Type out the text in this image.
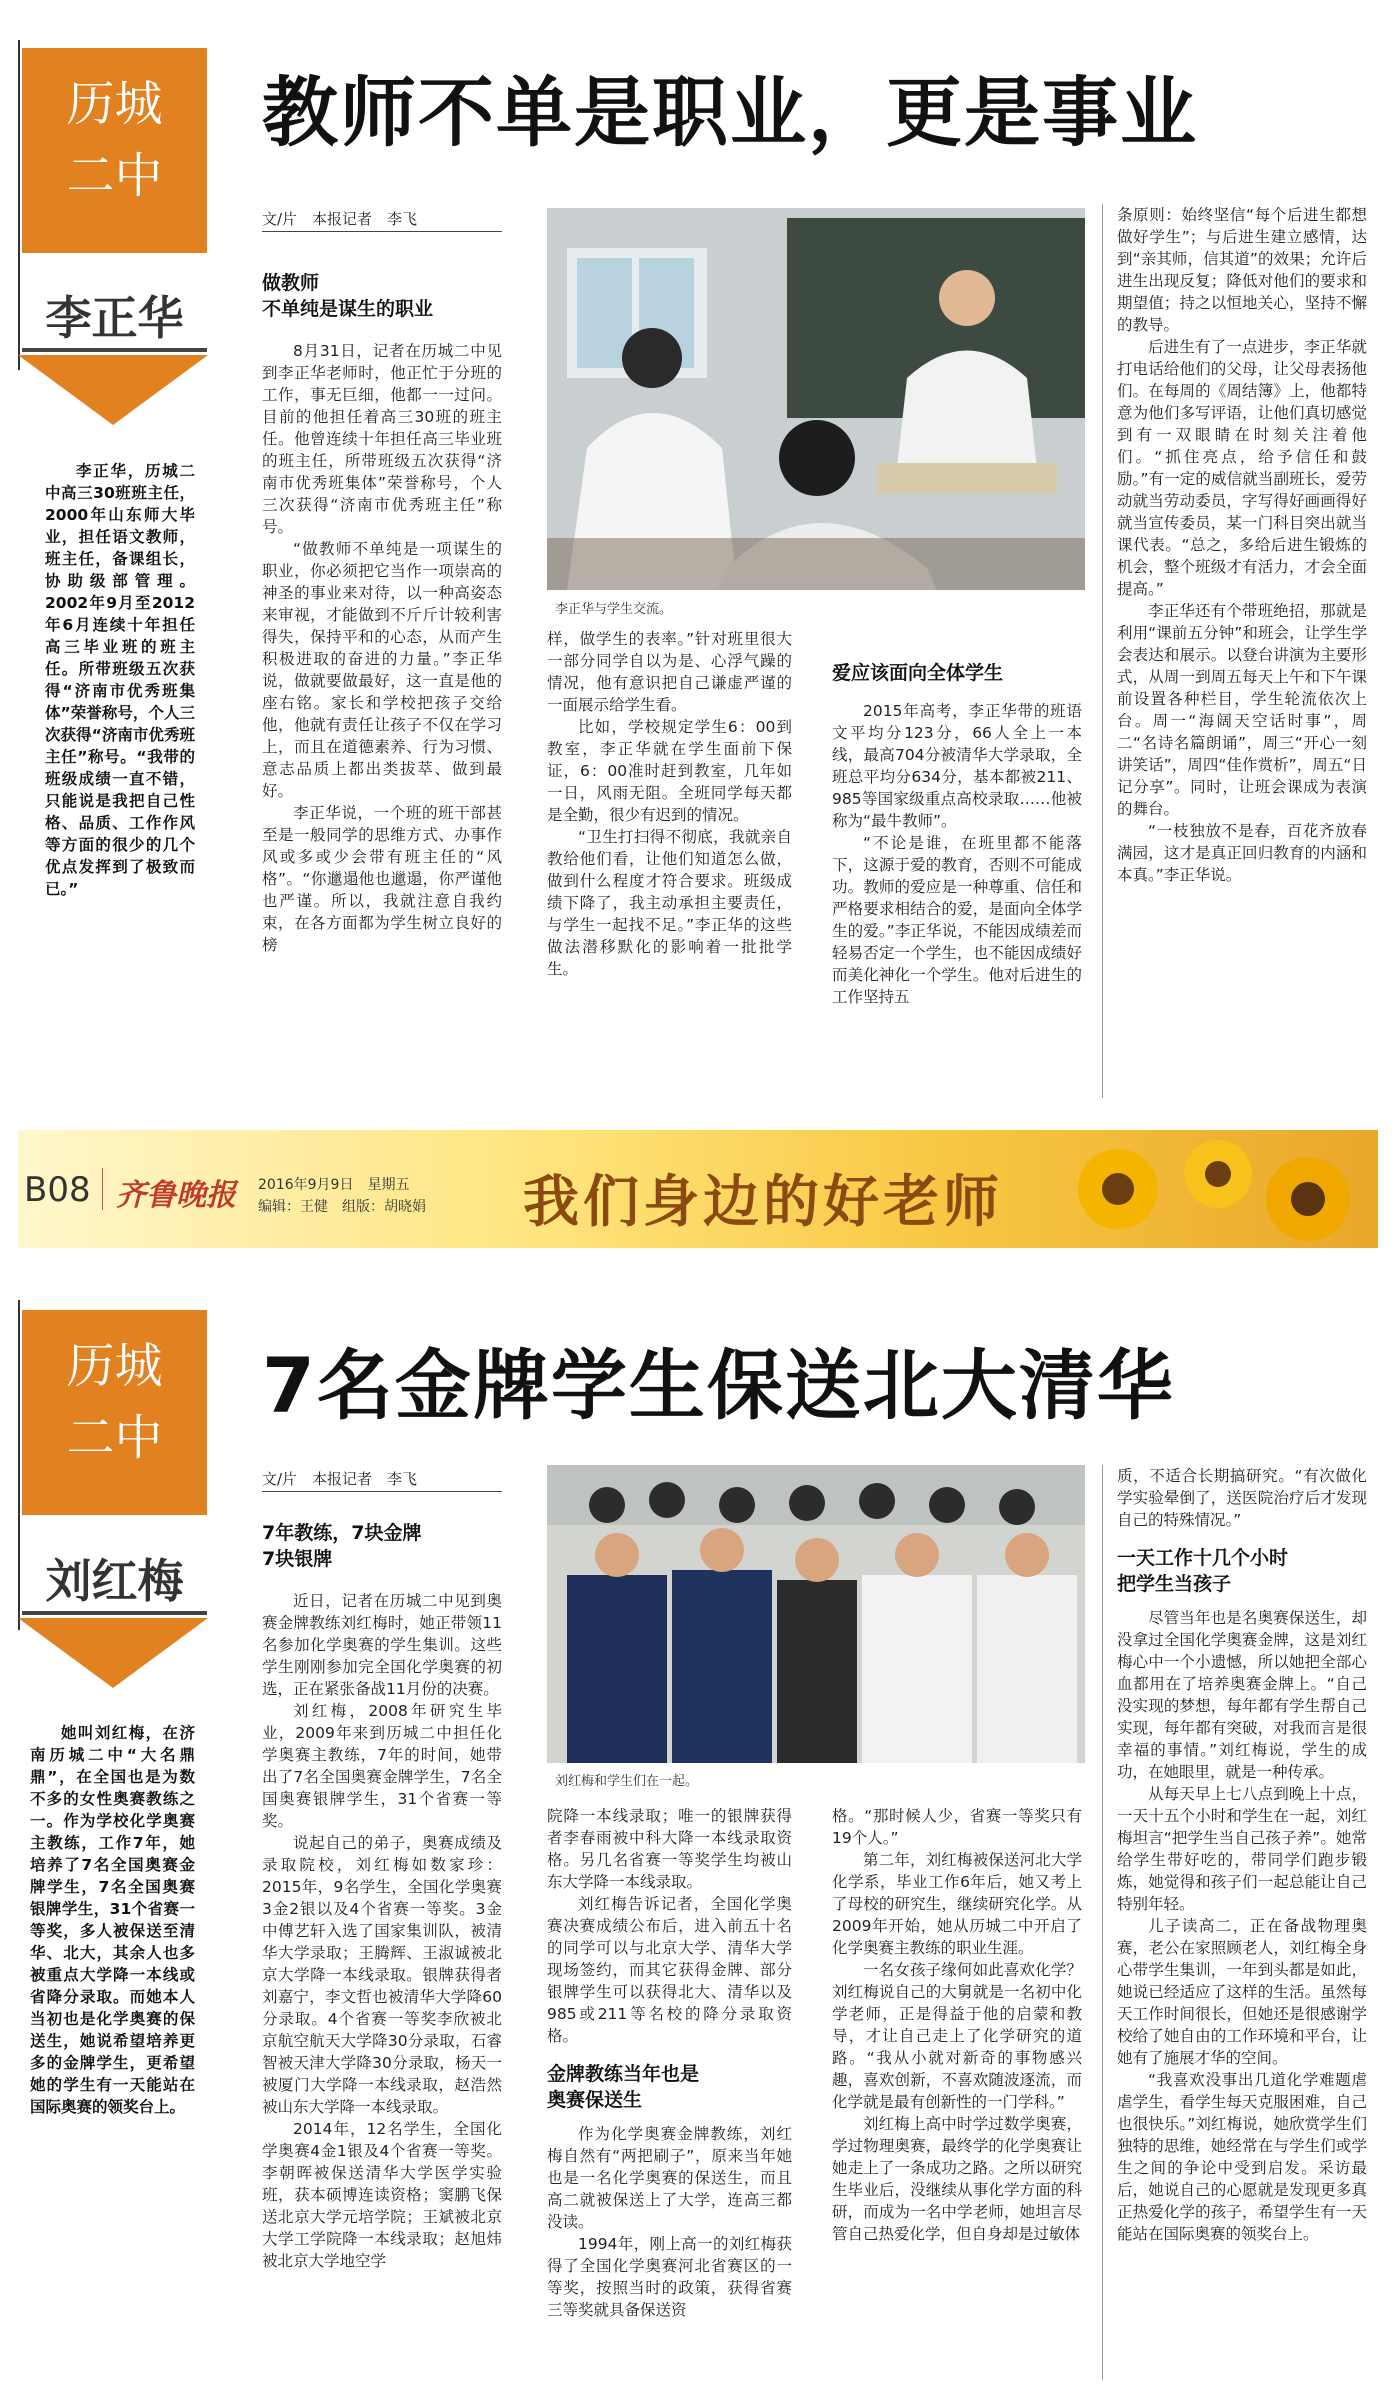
历城
二中
李正华

李正华，历城二中高三30班班主任，2000年山东师大毕业，担任语文教师，班主任，备课组长，协助级部管理。2002年9月至2012年6月连续十年担任高三毕业班的班主任。所带班级五次获得“济南市优秀班集体”荣誉称号，个人三次获得“济南市优秀班主任”称号。“我带的班级成绩一直不错，只能说是我把自己性格、品质、工作作风等方面的很少的几个优点发挥到了极致而已。”

教师不单是职业，更是事业
文/片　本报记者　李飞
做教师
不单纯是谋生的职业

8月31日，记者在历城二中见到李正华老师时，他正忙于分班的工作，事无巨细，他都一一过问。目前的他担任着高三30班的班主任。他曾连续十年担任高三毕业班的班主任，所带班级五次获得“济南市优秀班集体”荣誉称号，个人三次获得“济南市优秀班主任”称号。

“做教师不单纯是一项谋生的职业，你必须把它当作一项崇高的神圣的事业来对待，以一种高姿态来审视，才能做到不斤斤计较利害得失，保持平和的心态，从而产生积极进取的奋进的力量。”李正华说，做就要做最好，这一直是他的座右铭。家长和学校把孩子交给他，他就有责任让孩子不仅在学习上，而且在道德素养、行为习惯、意志品质上都出类拔萃、做到最好。

李正华说，一个班的班干部甚至是一般同学的思维方式、办事作风或多或少会带有班主任的“风格”。“你邋遢他也邋遢，你严谨他也严谨。所以，我就注意自我约束，在各方面都为学生树立良好的榜

李正华与学生交流。

样，做学生的表率。”针对班里很大一部分同学自以为是、心浮气躁的情况，他有意识把自己谦虚严谨的一面展示给学生看。

比如，学校规定学生6：00到教室，李正华就在学生面前下保证，6：00准时赶到教室，几年如一日，风雨无阻。全班同学每天都是全勤，很少有迟到的情况。

“卫生打扫得不彻底，我就亲自教给他们看，让他们知道怎么做，做到什么程度才符合要求。班级成绩下降了，我主动承担主要责任，与学生一起找不足。”李正华的这些做法潜移默化的影响着一批批学生。

爱应该面向全体学生

2015年高考，李正华带的班语文平均分123分，66人全上一本线，最高704分被清华大学录取，全班总平均分634分，基本都被211、985等国家级重点高校录取……他被称为“最牛教师”。

“不论是谁，在班里都不能落下，这源于爱的教育，否则不可能成功。教师的爱应是一种尊重、信任和严格要求相结合的爱，是面向全体学生的爱。”李正华说，不能因成绩差而轻易否定一个学生，也不能因成绩好而美化神化一个学生。他对后进生的工作坚持五

条原则：始终坚信“每个后进生都想做好学生”；与后进生建立感情，达到“亲其师，信其道”的效果；允许后进生出现反复；降低对他们的要求和期望值；持之以恒地关心，坚持不懈的教导。

后进生有了一点进步，李正华就打电话给他们的父母，让父母表扬他们。在每周的《周结簿》上，他都特意为他们多写评语，让他们真切感觉到有一双眼睛在时刻关注着他们。“抓住亮点，给予信任和鼓励。”有一定的威信就当副班长，爱劳动就当劳动委员，字写得好画画得好就当宣传委员，某一门科目突出就当课代表。“总之，多给后进生锻炼的机会，整个班级才有活力，才会全面提高。”

李正华还有个带班绝招，那就是利用“课前五分钟”和班会，让学生学会表达和展示。以登台讲演为主要形式，从周一到周五每天上午和下午课前设置各种栏目，学生轮流依次上台。周一“海阔天空话时事”，周二“名诗名篇朗诵”，周三“开心一刻讲笑话”，周四“佳作赏析”，周五“日记分享”。同时，让班会课成为表演的舞台。

“一枝独放不是春，百花齐放春满园，这才是真正回归教育的内涵和本真。”李正华说。

B08 齐鲁晚报 2016年9月9日　星期五
编辑：王健　组版：胡晓娟 我们身边的好老师
历城
二中
刘红梅

她叫刘红梅，在济南历城二中“大名鼎鼎”，在全国也是为数不多的女性奥赛教练之一。作为学校化学奥赛主教练，工作7年，她培养了7名全国奥赛金牌学生，7名全国奥赛银牌学生，31个省赛一等奖，多人被保送至清华、北大，其余人也多被重点大学降一本线或省降分录取。而她本人当初也是化学奥赛的保送生，她说希望培养更多的金牌学生，更希望她的学生有一天能站在国际奥赛的领奖台上。

7名金牌学生保送北大清华
文/片　本报记者　李飞
7年教练，7块金牌
7块银牌

近日，记者在历城二中见到奥赛金牌教练刘红梅时，她正带领11名参加化学奥赛的学生集训。这些学生刚刚参加完全国化学奥赛的初选，正在紧张备战11月份的决赛。

刘红梅，2008年研究生毕业，2009年来到历城二中担任化学奥赛主教练，7年的时间，她带出了7名全国奥赛金牌学生，7名全国奥赛银牌学生，31个省赛一等奖。

说起自己的弟子，奥赛成绩及录取院校，刘红梅如数家珍：2015年，9名学生，全国化学奥赛3金2银以及4个省赛一等奖。3金中傅艺轩入选了国家集训队，被清华大学录取；王腾辉、王淑诚被北京大学降一本线录取。银牌获得者刘嘉宁，李文哲也被清华大学降60分录取。4个省赛一等奖李欣被北京航空航天大学降30分录取，石睿智被天津大学降30分录取，杨天一被厦门大学降一本线录取，赵浩然被山东大学降一本线录取。

2014年，12名学生，全国化学奥赛4金1银及4个省赛一等奖。李朝晖被保送清华大学医学实验班，获本硕博连读资格；窦鹏飞保送北京大学元培学院；王斌被北京大学工学院降一本线录取；赵旭炜被北京大学地空学

刘红梅和学生们在一起。

院降一本线录取；唯一的银牌获得者李春雨被中科大降一本线录取资格。另几名省赛一等奖学生均被山东大学降一本线录取。

刘红梅告诉记者，全国化学奥赛决赛成绩公布后，进入前五十名的同学可以与北京大学、清华大学现场签约，而其它获得金牌、部分银牌学生可以获得北大、清华以及985或211等名校的降分录取资格。

金牌教练当年也是
奥赛保送生

作为化学奥赛金牌教练，刘红梅自然有“两把刷子”，原来当年她也是一名化学奥赛的保送生，而且高二就被保送上了大学，连高三都没读。

1994年，刚上高一的刘红梅获得了全国化学奥赛河北省赛区的一等奖，按照当时的政策，获得省赛三等奖就具备保送资

格。“那时候人少，省赛一等奖只有19个人。”

第二年，刘红梅被保送河北大学化学系，毕业工作6年后，她又考上了母校的研究生，继续研究化学。从2009年开始，她从历城二中开启了化学奥赛主教练的职业生涯。

一名女孩子缘何如此喜欢化学？刘红梅说自己的大舅就是一名初中化学老师，正是得益于他的启蒙和教导，才让自己走上了化学研究的道路。“我从小就对新奇的事物感兴趣，喜欢创新，不喜欢随波逐流，而化学就是最有创新性的一门学科。”

刘红梅上高中时学过数学奥赛，学过物理奥赛，最终学的化学奥赛让她走上了一条成功之路。之所以研究生毕业后，没继续从事化学方面的科研，而成为一名中学老师，她坦言尽管自己热爱化学，但自身却是过敏体

质，不适合长期搞研究。“有次做化学实验晕倒了，送医院治疗后才发现自己的特殊情况。”

一天工作十几个小时
把学生当孩子

尽管当年也是名奥赛保送生，却没拿过全国化学奥赛金牌，这是刘红梅心中一个小遗憾，所以她把全部心血都用在了培养奥赛金牌上。“自己没实现的梦想，每年都有学生帮自己实现，每年都有突破，对我而言是很幸福的事情。”刘红梅说，学生的成功，在她眼里，就是一种传承。

从每天早上七八点到晚上十点，一天十五个小时和学生在一起，刘红梅坦言“把学生当自己孩子养”。她常给学生带好吃的，带同学们跑步锻炼，她觉得和孩子们一起总能让自己特别年轻。

儿子读高二，正在备战物理奥赛，老公在家照顾老人，刘红梅全身心带学生集训，一年到头都是如此，她说已经适应了这样的生活。虽然每天工作时间很长，但她还是很感谢学校给了她自由的工作环境和平台，让她有了施展才华的空间。

“我喜欢没事出几道化学难题虐虐学生，看学生每天克服困难，自己也很快乐。”刘红梅说，她欣赏学生们独特的思维，她经常在与学生们或学生之间的争论中受到启发。采访最后，她说自己的心愿就是发现更多真正热爱化学的孩子，希望学生有一天能站在国际奥赛的领奖台上。
